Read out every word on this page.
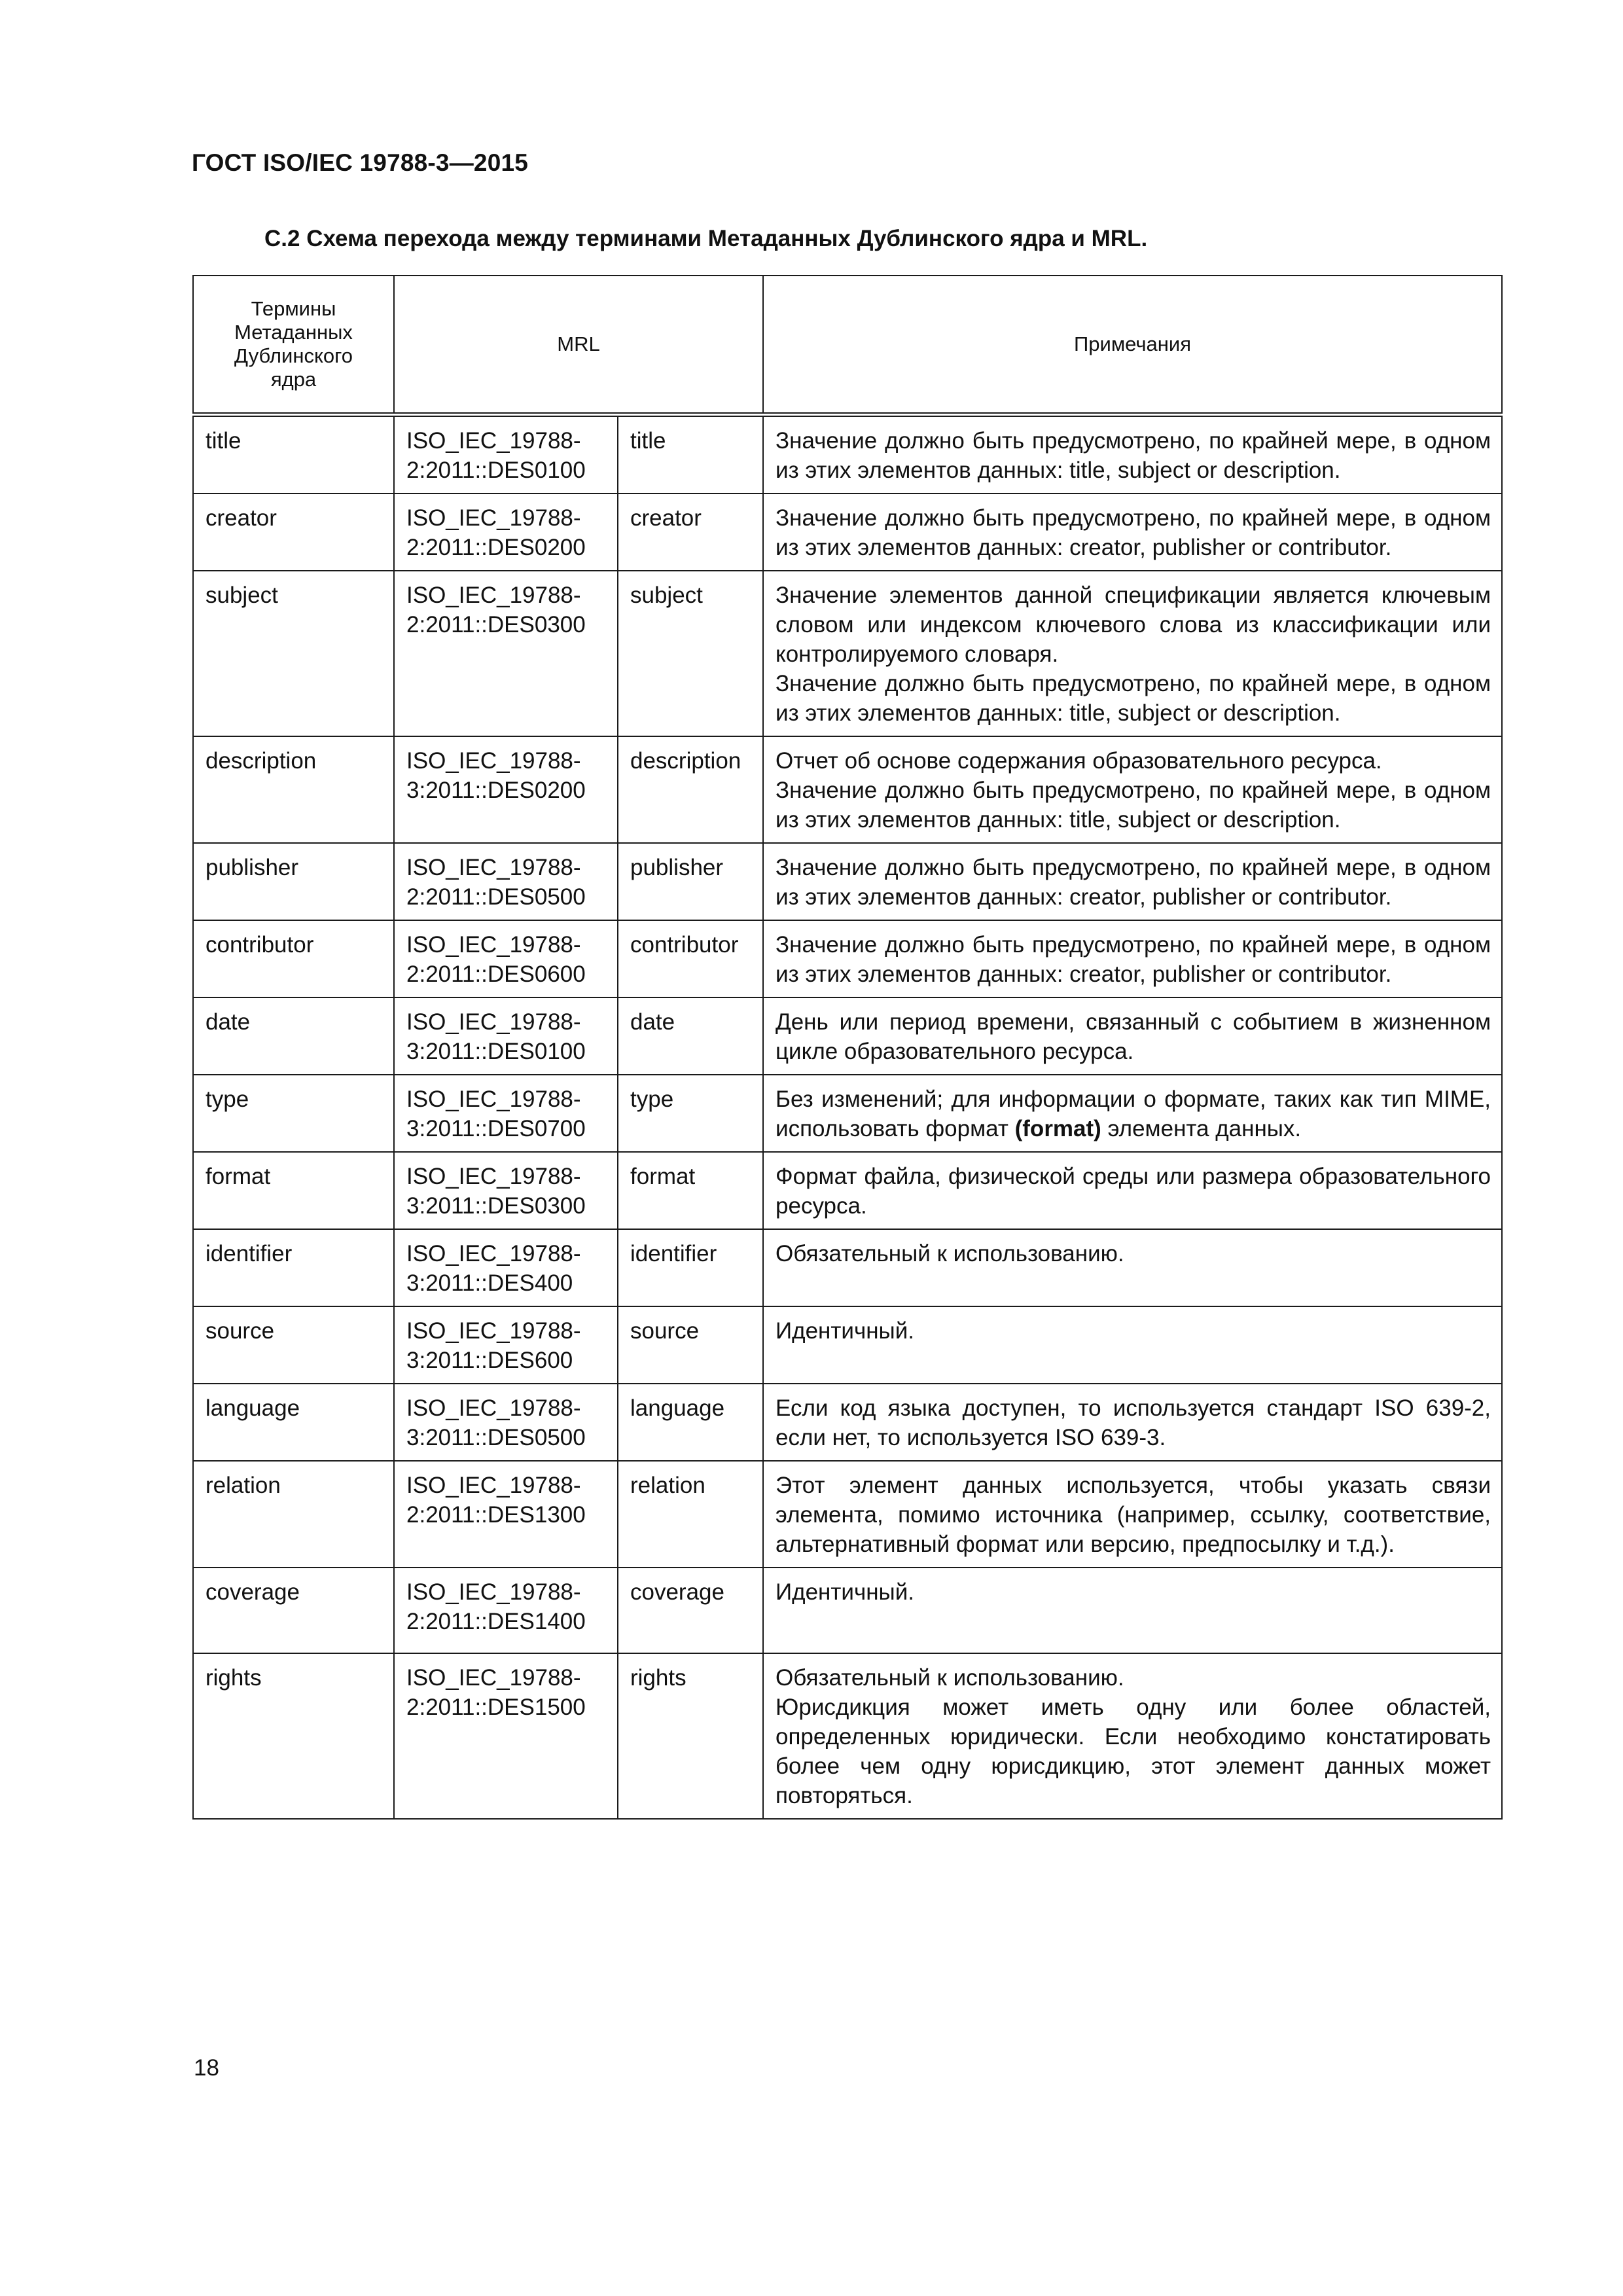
ГОСТ ISO/IEC 19788-3—2015
С.2 Схема перехода между терминами Метаданных Дублинского ядра и MRL.
Термины Метаданных Дублинского ядра	MRL		Примечания

title	ISO_IEC_19788-2:2011::DES0100	title	Значение должно быть предусмотрено, по крайней мере, в одном из этих элементов данных: title, subject or description.

creator	ISO_IEC_19788-2:2011::DES0200	creator	Значение должно быть предусмотрено, по крайней мере, в одном из этих элементов данных: creator, publisher or contributor.

subject	ISO_IEC_19788-2:2011::DES0300	subject	Значение элементов данной спецификации является ключевым словом или индексом ключевого слова из классификации или контролируемого словаря.
Значение должно быть предусмотрено, по крайней мере, в одном из этих элементов данных: title, subject or description.

description	ISO_IEC_19788-3:2011::DES0200	description	Отчет об основе содержания образовательного ресурса.
Значение должно быть предусмотрено, по крайней мере, в одном из этих элементов данных: title, subject or description.

publisher	ISO_IEC_19788-2:2011::DES0500	publisher	Значение должно быть предусмотрено, по крайней мере, в одном из этих элементов данных: creator, publisher or contributor.

contributor	ISO_IEC_19788-2:2011::DES0600	contributor	Значение должно быть предусмотрено, по крайней мере, в одном из этих элементов данных: creator, publisher or contributor.

date	ISO_IEC_19788-3:2011::DES0100	date	День или период времени, связанный с событием в жизненном цикле образовательного ресурса.

type	ISO_IEC_19788-3:2011::DES0700	type	Без изменений; для информации о формате, таких как тип MIME, использовать формат (format) элемента данных.

format	ISO_IEC_19788-3:2011::DES0300	format	Формат файла, физической среды или размера образовательного ресурса.

identifier	ISO_IEC_19788-3:2011::DES400	identifier	Обязательный к использованию.

source	ISO_IEC_19788-3:2011::DES600	source	Идентичный.

language	ISO_IEC_19788-3:2011::DES0500	language	Если код языка доступен, то используется стандарт ISO 639-2, если нет, то используется ISO 639-3.

relation	ISO_IEC_19788-2:2011::DES1300	relation	Этот элемент данных используется, чтобы указать связи элемента, помимо источника (например, ссылку, соответствие, альтернативный формат или версию, предпосылку и т.д.).

coverage	ISO_IEC_19788-2:2011::DES1400	coverage	Идентичный.

rights	ISO_IEC_19788-2:2011::DES1500	rights	Обязательный к использованию.
Юрисдикция может иметь одну или более областей, определенных юридически. Если необходимо констатировать более чем одну юрисдикцию, этот элемент данных может повторяться.
18
